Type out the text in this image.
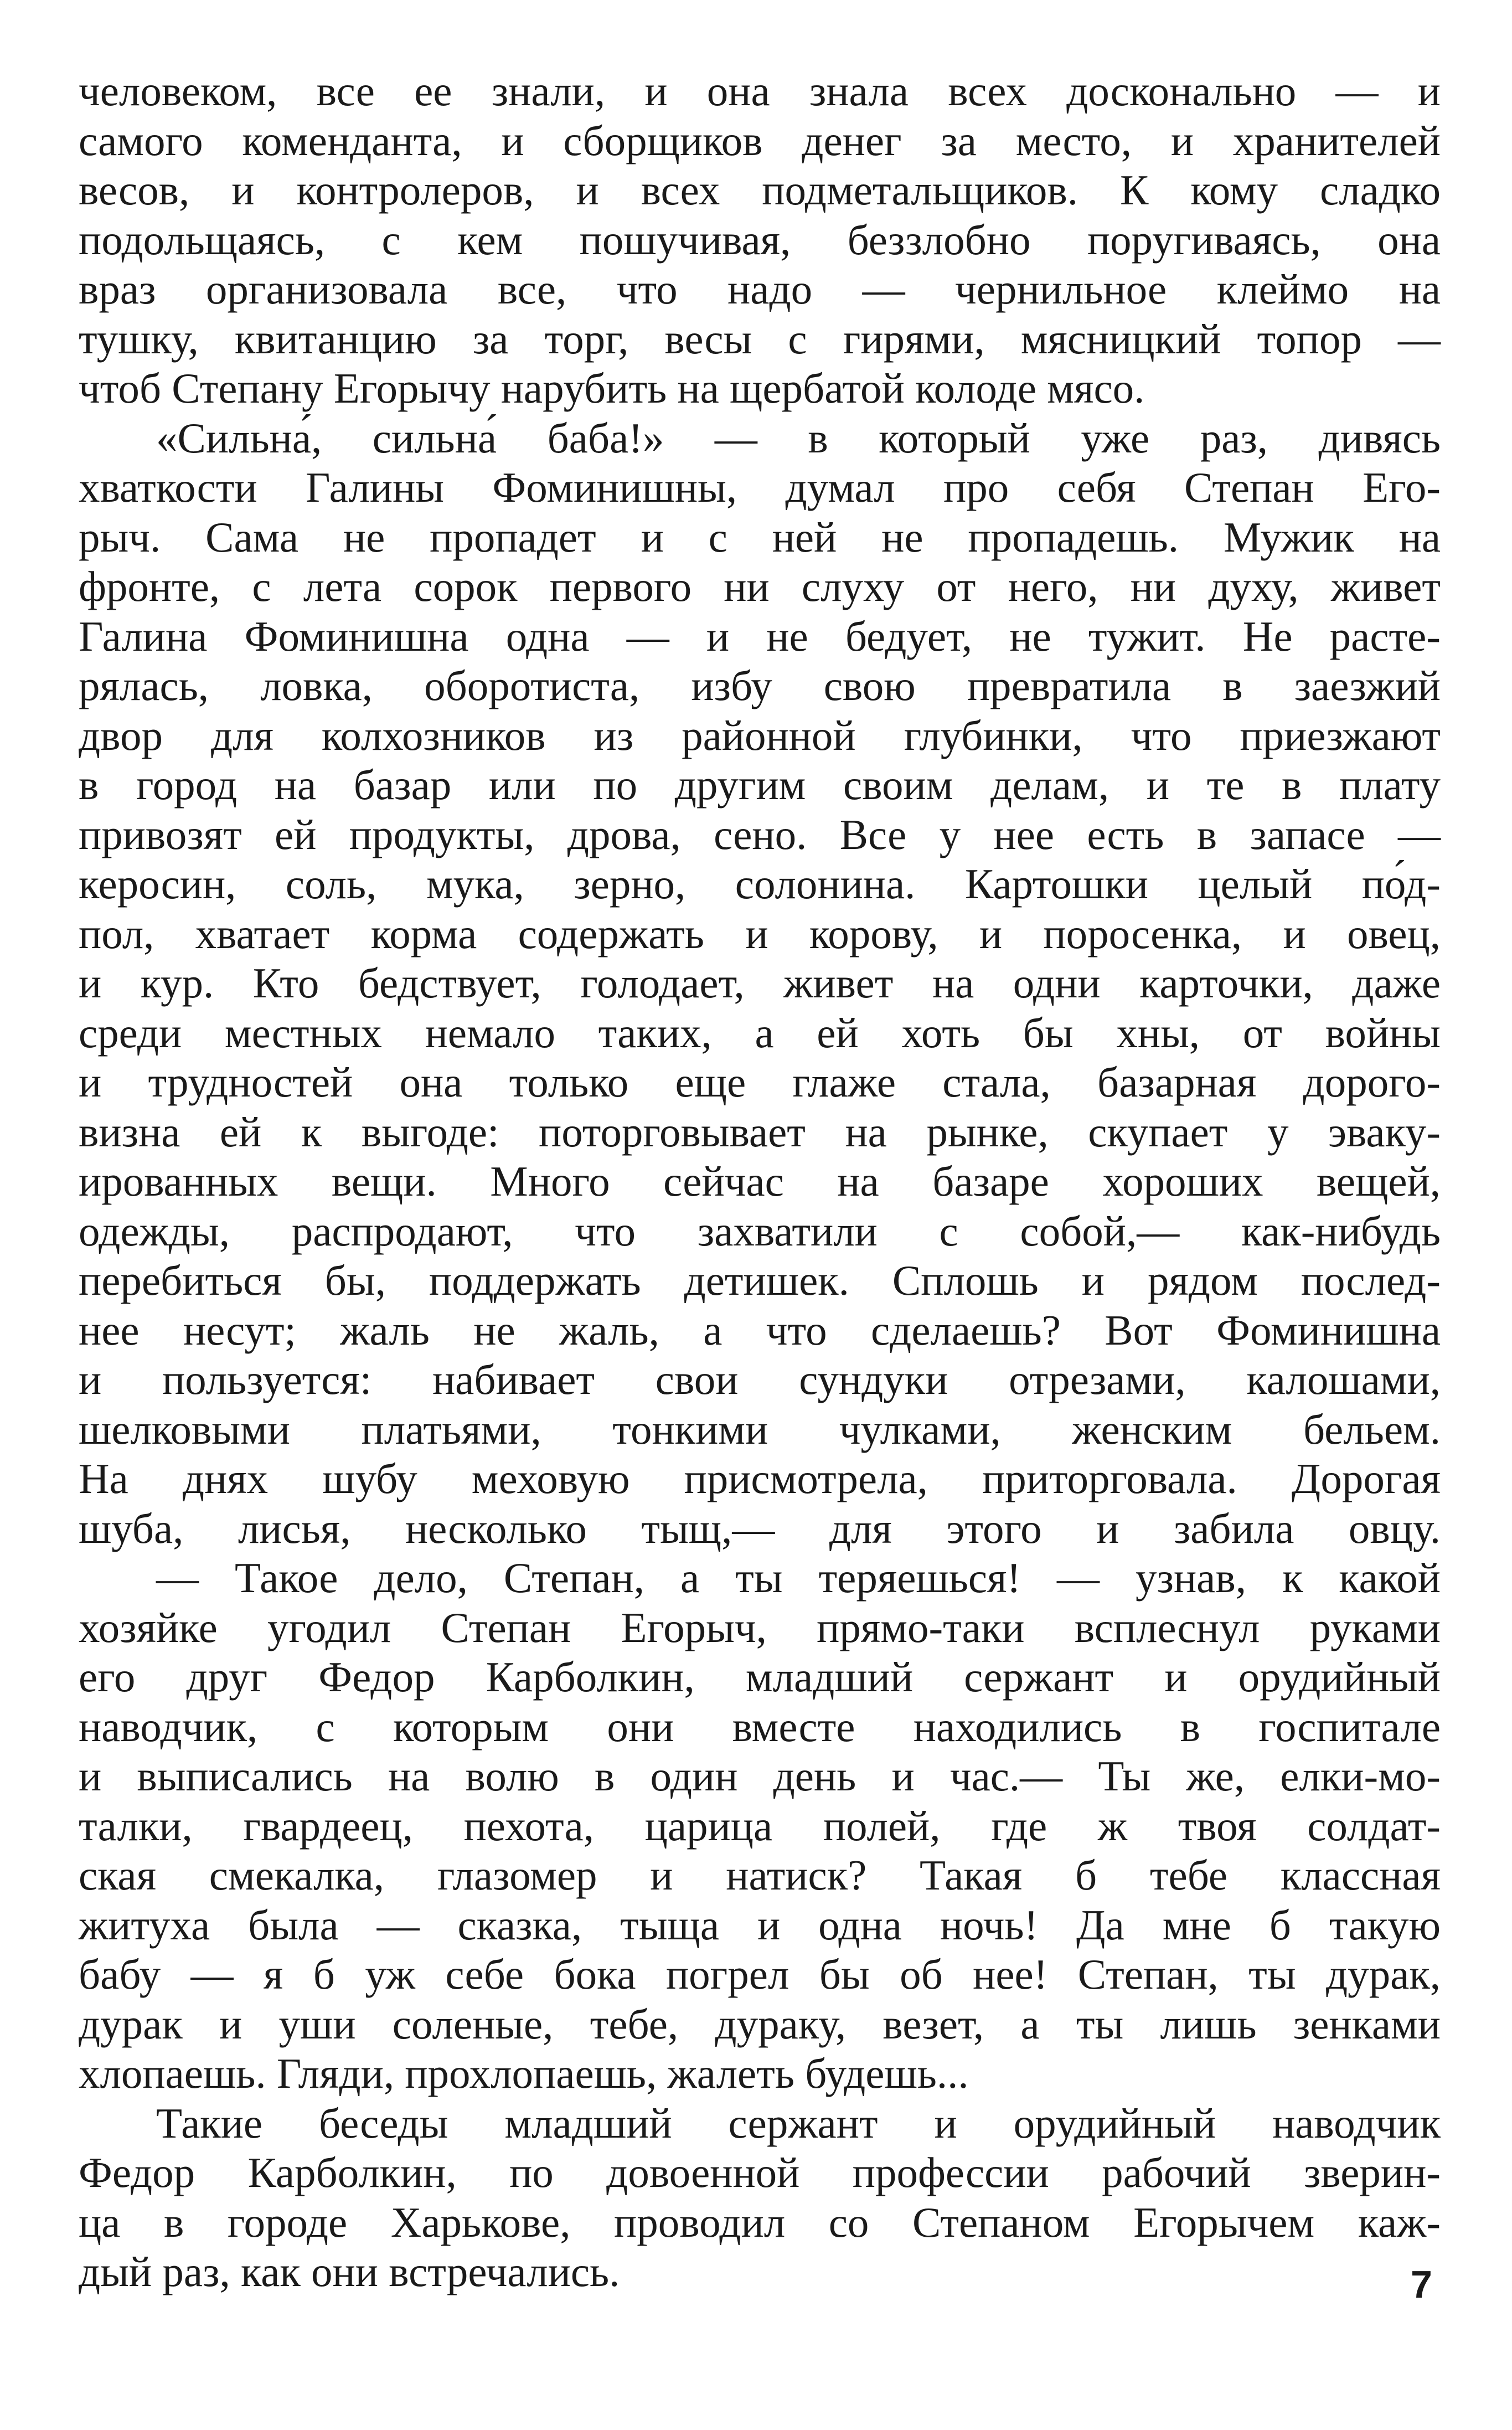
человеком, все ее знали, и она знала всех досконально — и
самого коменданта, и сборщиков денег за место, и хранителей
весов, и контролеров, и всех подметальщиков. К кому сладко
подольщаясь, с кем пошучивая, беззлобно поругиваясь, она
враз организовала все, что надо — чернильное клеймо на
тушку, квитанцию за торг, весы с гирями, мясницкий топор —
чтоб Степану Егорычу нарубить на щербатой колоде мясо.
«Сильна́, сильна́ баба!» — в который уже раз, дивясь
хваткости Галины Фоминишны, думал про себя Степан Его-
рыч. Сама не пропадет и с ней не пропадешь. Мужик на
фронте, с лета сорок первого ни слуху от него, ни духу, живет
Галина Фоминишна одна — и не бедует, не тужит. Не расте-
рялась, ловка, оборотиста, избу свою превратила в заезжий
двор для колхозников из районной глубинки, что приезжают
в город на базар или по другим своим делам, и те в плату
привозят ей продукты, дрова, сено. Все у нее есть в запасе —
керосин, соль, мука, зерно, солонина. Картошки целый по́д-
пол, хватает корма содержать и корову, и поросенка, и овец,
и кур. Кто бедствует, голодает, живет на одни карточки, даже
среди местных немало таких, а ей хоть бы хны, от войны
и трудностей она только еще глаже стала, базарная дорого-
визна ей к выгоде: поторговывает на рынке, скупает у эваку-
ированных вещи. Много сейчас на базаре хороших вещей,
одежды, распродают, что захватили с собой,— как-нибудь
перебиться бы, поддержать детишек. Сплошь и рядом послед-
нее несут; жаль не жаль, а что сделаешь? Вот Фоминишна
и пользуется: набивает свои сундуки отрезами, калошами,
шелковыми платьями, тонкими чулками, женским бельем.
На днях шубу меховую присмотрела, приторговала. Дорогая
шуба, лисья, несколько тыщ,— для этого и забила овцу.
— Такое дело, Степан, а ты теряешься! — узнав, к какой
хозяйке угодил Степан Егорыч, прямо-таки всплеснул руками
его друг Федор Карболкин, младший сержант и орудийный
наводчик, с которым они вместе находились в госпитале
и выписались на волю в один день и час.— Ты же, елки-мо-
талки, гвардеец, пехота, царица полей, где ж твоя солдат-
ская смекалка, глазомер и натиск? Такая б тебе классная
житуха была — сказка, тыща и одна ночь! Да мне б такую
бабу — я б уж себе бока погрел бы об нее! Степан, ты дурак,
дурак и уши соленые, тебе, дураку, везет, а ты лишь зенками
хлопаешь. Гляди, прохлопаешь, жалеть будешь...
Такие беседы младший сержант и орудийный наводчик
Федор Карболкин, по довоенной профессии рабочий зверин-
ца в городе Харькове, проводил со Степаном Егорычем каж-
дый раз, как они встречались.	7
